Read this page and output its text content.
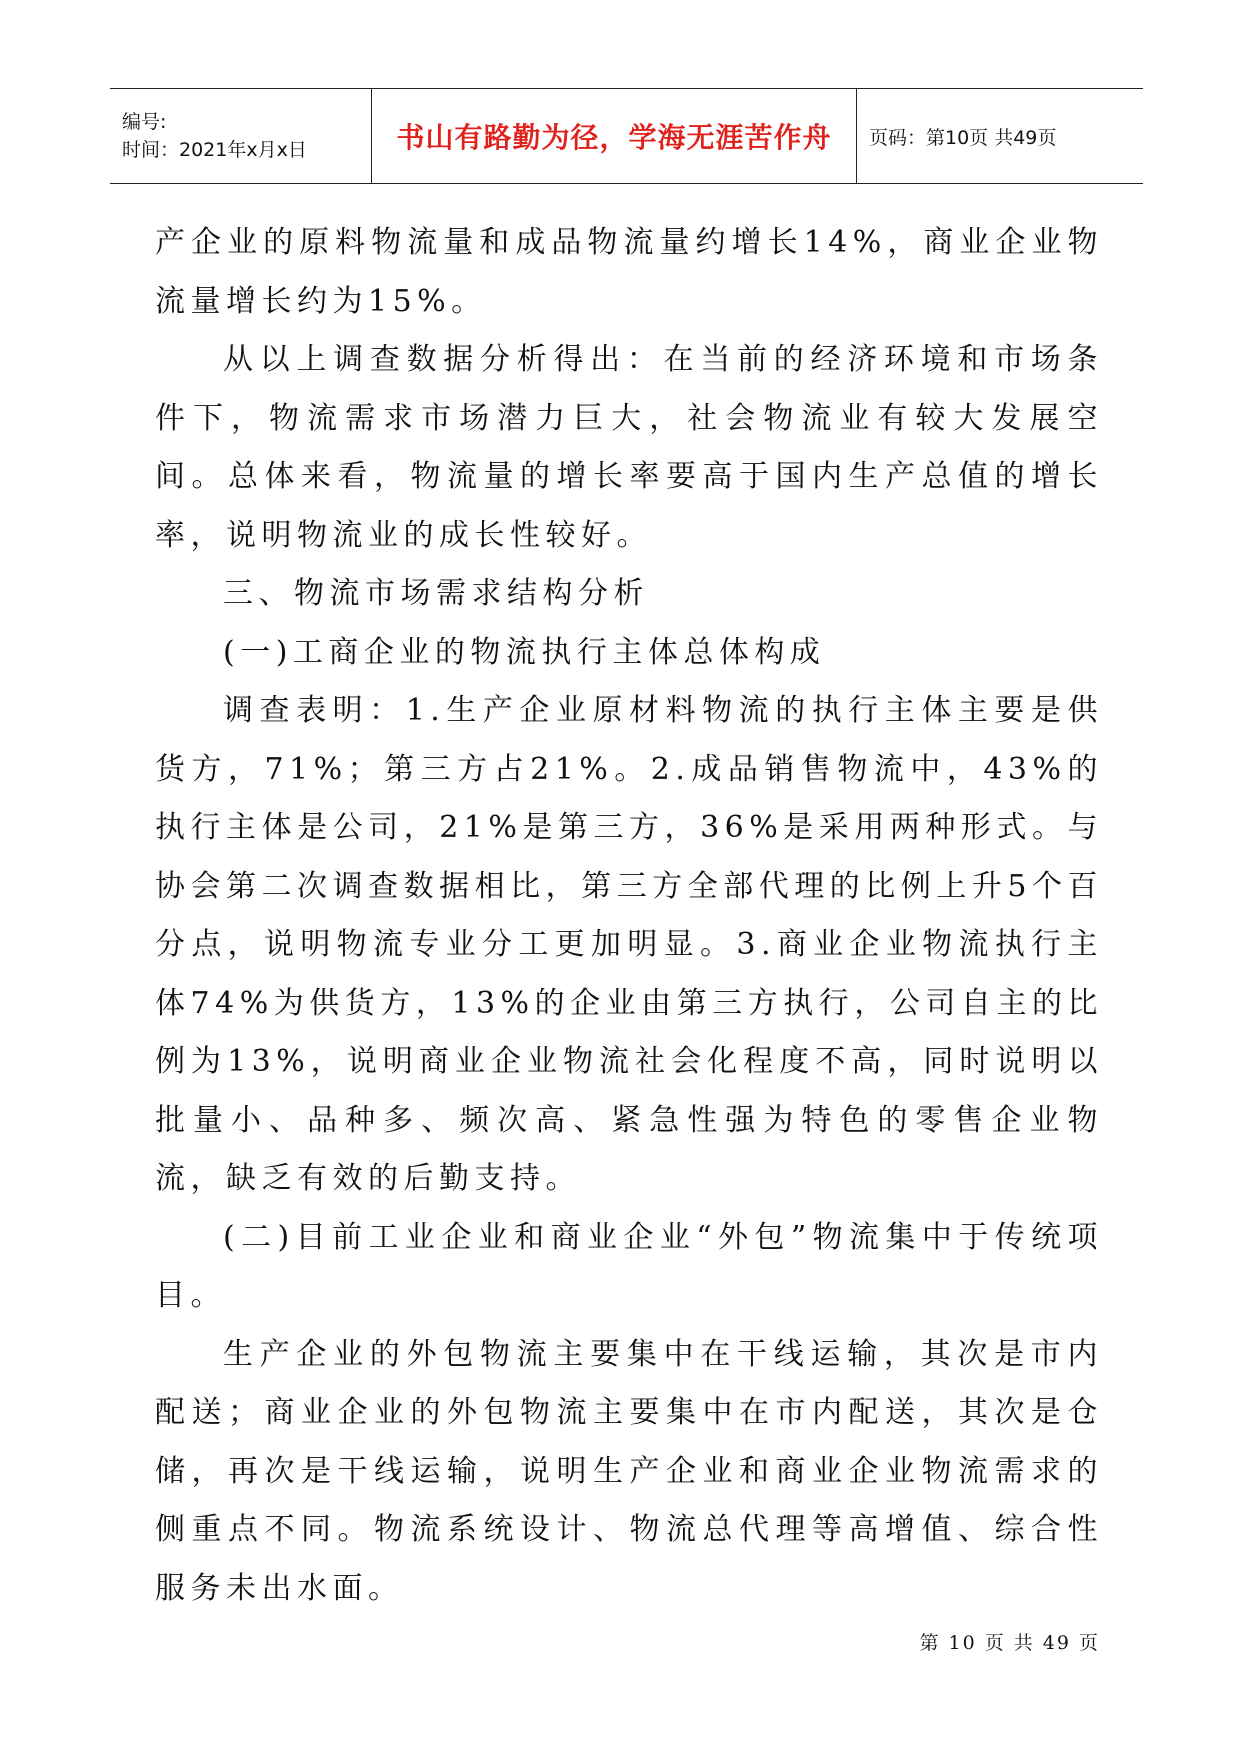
编号:
时间：2021年x月x日	书山有路勤为径，学海无涯苦作舟 页码：第10页 共49页

产企业的原料物流量和成品物流量约增长14%，商业企业物流量增长约为15%。

从以上调查数据分析得出：在当前的经济环境和市场条件下，物流需求市场潜力巨大，社会物流业有较大发展空间。总体来看，物流量的增长率要高于国内生产总值的增长率，说明物流业的成长性较好。

三、物流市场需求结构分析

(一)工商企业的物流执行主体总体构成

调查表明：1.生产企业原材料物流的执行主体主要是供货方，71%；第三方占21%。2.成品销售物流中，43%的执行主体是公司，21%是第三方，36%是采用两种形式。与协会第二次调查数据相比，第三方全部代理的比例上升5个百分点，说明物流专业分工更加明显。3.商业企业物流执行主体74%为供货方，13%的企业由第三方执行，公司自主的比例为13%，说明商业企业物流社会化程度不高，同时说明以批量小、品种多、频次高、紧急性强为特色的零售企业物流，缺乏有效的后勤支持。

(二)目前工业企业和商业企业“外包”物流集中于传统项目。

生产企业的外包物流主要集中在干线运输，其次是市内配送；商业企业的外包物流主要集中在市内配送，其次是仓储，再次是干线运输，说明生产企业和商业企业物流需求的侧重点不同。物流系统设计、物流总代理等高增值、综合性服务未出水面。

第 10 页 共 49 页
